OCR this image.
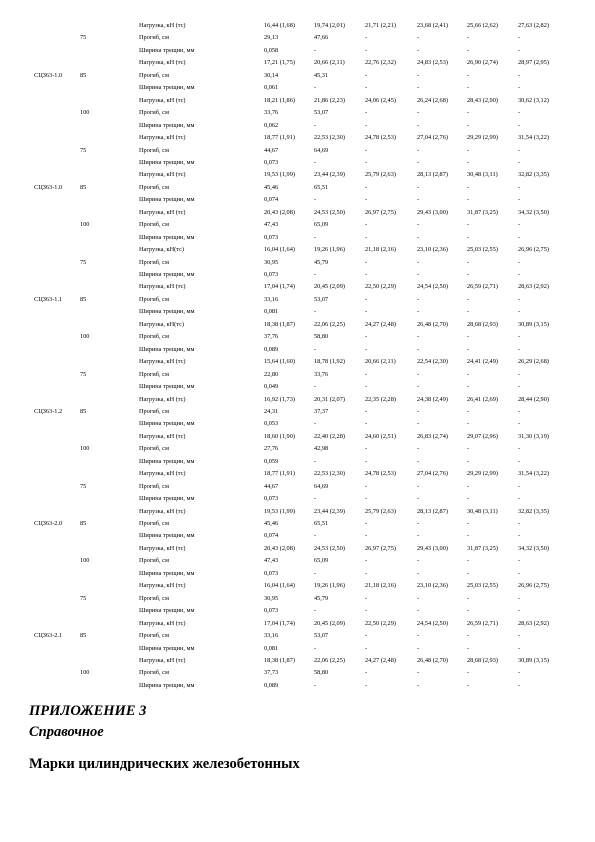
Нагрузка, кН (тс)	16,44 (1,68)	19,74 (2,01)	21,71 (2,21)	23,68 (2,41)	25,66 (2,62)	27,63 (2,82)
75	Прогиб, см	29,13	47,66	-	-	-	-
Ширина трещин, мм	0,058	-	-	-	-	-
Нагрузка, кН (тс)	17,21 (1,75)	20,66 (2,11)	22,76 (2,32)	24,83 (2,53)	26,90 (2,74)	28,97 (2,95)
СЦЗ63-1.0	85	Прогиб, см	30,14	45,31	-	-	-	-
Ширина трещин, мм	0,061	-	-	-	-	-
Нагрузка, кН (тс)	18,21 (1,86)	21,86 (2,23)	24,06 (2,45)	26,24 (2,68)	28,43 (2,90)	30,62 (3,12)
100	Прогиб, см	33,76	53,07	-	-	-	-
Ширина трещин, мм	0,062	-	-	-	-	-
Нагрузка, кН (тс)	18,77 (1,91)	22,53 (2,30)	24,78 (2,53)	27,04 (2,76)	29,29 (2,99)	31,54 (3,22)
75	Прогиб, см	44,67	64,69	-	-	-	-
Ширина трещин, мм	0,073	-	-	-	-	-
Нагрузка, кН (тс)	19,53 (1,99)	23,44 (2,39)	25,79 (2,63)	28,13 (2,87)	30,48 (3,11)	32,82 (3,35)
СЦЗ63-1.0	85	Прогиб, см	45,46	65,51	-	-	-	-
Ширина трещин, мм	0,074	-	-	-	-	-
Нагрузка, кН (тс)	20,43 (2,08)	24,53 (2,50)	26,97 (2,75)	29,43 (3,00)	31,87 (3,25)	34,32 (3,50)
100	Прогиб, см	47,43	65,09	-	-	-	-
Ширина трещин, мм	0,073	-	-	-	-	-
Нагрузка, кН(тс)	16,04 (1,64)	19,26 (1,96)	21,18 (2,16)	23,10 (2,36)	25,03 (2,55)	26,96 (2,75)
75	Прогиб, см	30,95	45,79	-	-	-	-
Ширина трещин, мм	0,073	-	-	-	-	-
Нагрузка, кН (тс)	17,04 (1,74)	20,45 (2,09)	22,50 (2,29)	24,54 (2,50)	26,59 (2,71)	28,63 (2,92)
СЦЗ63-1.1	85	Прогиб, см	33,16	53,07	-	-	-	-
Ширина трещин, мм	0,081	-	-	-	-	-
Нагрузка, кН(тс)	18,38 (1,87)	22,06 (2,25)	24,27 (2,48)	26,48 (2,70)	28,68 (2,93)	30,89 (3,15)
100	Прогиб, см	37,76	58,80	-	-	-	-
Ширина трещин, мм	0,089	-	-	-	-	-
Нагрузка, кН (тс)	15,64 (1,60)	18,78 (1,92)	20,66 (2,11)	22,54 (2,30)	24,41 (2,49)	26,29 (2,68)
75	Прогиб, см	22,80	33,76	-	-	-	-
Ширина трещин, мм	0,049	-	-	-	-	-
Нагрузка, кН (тс)	16,92 (1,73)	20,31 (2,07)	22,35 (2,28)	24,38 (2,49)	26,41 (2,69)	28,44 (2,90)
СЦЗ63-1.2	85	Прогиб, см	24,31	37,37	-	-	-	-
Ширина трещин, мм	0,053	-	-	-	-	-
Нагрузка, кН (тс)	18,60 (1,90)	22,40 (2,28)	24,60 (2,51)	26,83 (2,74)	29,07 (2,96)	31,30 (3,19)
100	Прогиб, см	27,76	42,98	-	-	-	-
Ширина трещин, мм	0,059	-	-	-	-	-
Нагрузка, кН (тс)	18,77 (1,91)	22,53 (2,30)	24,78 (2,53)	27,04 (2,76)	29,29 (2,99)	31,54 (3,22)
75	Прогиб, см	44,67	64,69	-	-	-	-
Ширина трещин, мм	0,073	-	-	-	-	-
Нагрузка, кН (тс)	19,53 (1,99)	23,44 (2,39)	25,79 (2,63)	28,13 (2,87)	30,48 (3,11)	32,82 (3,35)
СЦЗ63-2.0	85	Прогиб, см	45,46	65,51	-	-	-	-
Ширина трещин, мм	0,074	-	-	-	-	-
Нагрузка, кН (тс)	20,43 (2,08)	24,53 (2,50)	26,97 (2,75)	29,43 (3,00)	31,87 (3,25)	34,32 (3,50)
100	Прогиб, см	47,43	65,09	-	-	-	-
Ширина трещин, мм	0,073	-	-	-	-	-
Нагрузка, кН (тс)	16,04 (1,64)	19,26 (1,96)	21,18 (2,16)	23,10 (2,36)	25,03 (2,55)	26,96 (2,75)
75	Прогиб, см	30,95	45,79	-	-	-	-
Ширина трещин, мм	0,073	-	-	-	-	-
Нагрузка, кН (тс)	17,04 (1,74)	20,45 (2,09)	22,50 (2,29)	24,54 (2,50)	26,59 (2,71)	28,63 (2,92)
СЦЗ63-2.1	85	Прогиб, см	33,16	53,07	-	-	-	-
Ширина трещин, мм	0,081	-	-	-	-	-
Нагрузка, кН (тс)	18,38 (1,87)	22,06 (2,25)	24,27 (2,48)	26,48 (2,70)	28,68 (2,93)	30,89 (3,15)
100	Прогиб, см	37,73	58,80	-	-	-	-
Ширина трещин, мм	0,089	-	-	-	-	-
ПРИЛОЖЕНИЕ 3
Справочное
Марки цилиндрических железобетонных
